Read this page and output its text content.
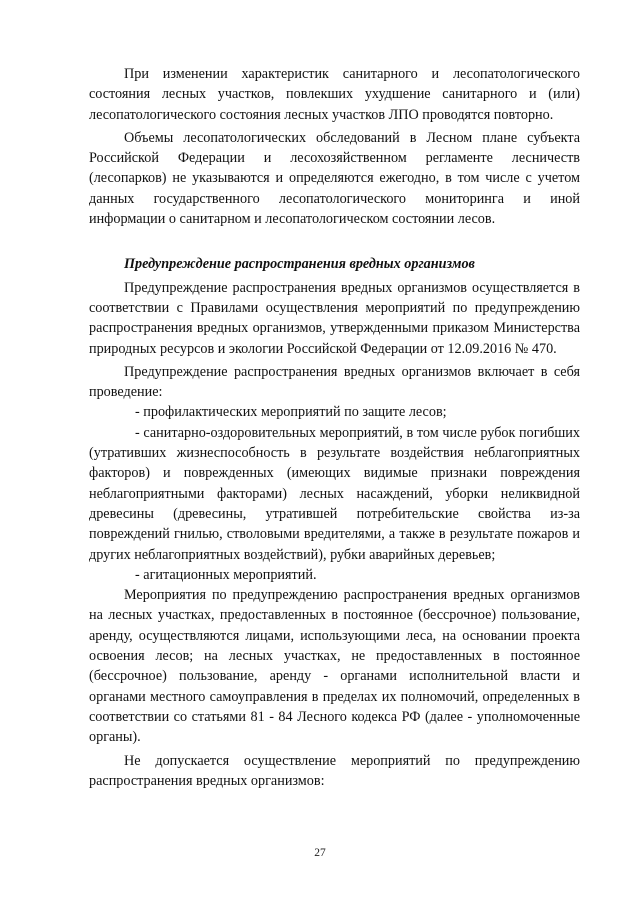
При изменении характеристик санитарного и лесопатологического состояния лесных участков, повлекших ухудшение санитарного и (или) лесопатологического состояния лесных участков ЛПО проводятся повторно.

Объемы лесопатологических обследований в Лесном плане субъекта Российской Федерации и лесохозяйственном регламенте лесничеств (лесопарков) не указываются и определяются ежегодно, в том числе с учетом данных государственного лесопатологического мониторинга и иной информации о санитарном и лесопатологическом состоянии лесов.

Предупреждение распространения вредных организмов

Предупреждение распространения вредных организмов осуществляется в соответствии с Правилами осуществления мероприятий по предупреждению распространения вредных организмов, утвержденными приказом Министерства природных ресурсов и экологии Российской Федерации от 12.09.2016 № 470.

Предупреждение распространения вредных организмов включает в себя проведение:

- профилактических мероприятий по защите лесов;

- санитарно-оздоровительных мероприятий, в том числе рубок погибших (утративших жизнеспособность в результате воздействия неблагоприятных факторов) и поврежденных (имеющих видимые признаки повреждения неблагоприятными факторами) лесных насаждений, уборки неликвидной древесины (древесины, утратившей потребительские свойства из-за повреждений гнилью, стволовыми вредителями, а также в результате пожаров и других неблагоприятных воздействий), рубки аварийных деревьев;

- агитационных мероприятий.

Мероприятия по предупреждению распространения вредных организмов на лесных участках, предоставленных в постоянное (бессрочное) пользование, аренду, осуществляются лицами, использующими леса, на основании проекта освоения лесов; на лесных участках, не предоставленных в постоянное (бессрочное) пользование, аренду - органами исполнительной власти и органами местного самоуправления в пределах их полномочий, определенных в соответствии со статьями 81 - 84 Лесного кодекса РФ (далее - уполномоченные органы).

Не допускается осуществление мероприятий по предупреждению распространения вредных организмов:

27
